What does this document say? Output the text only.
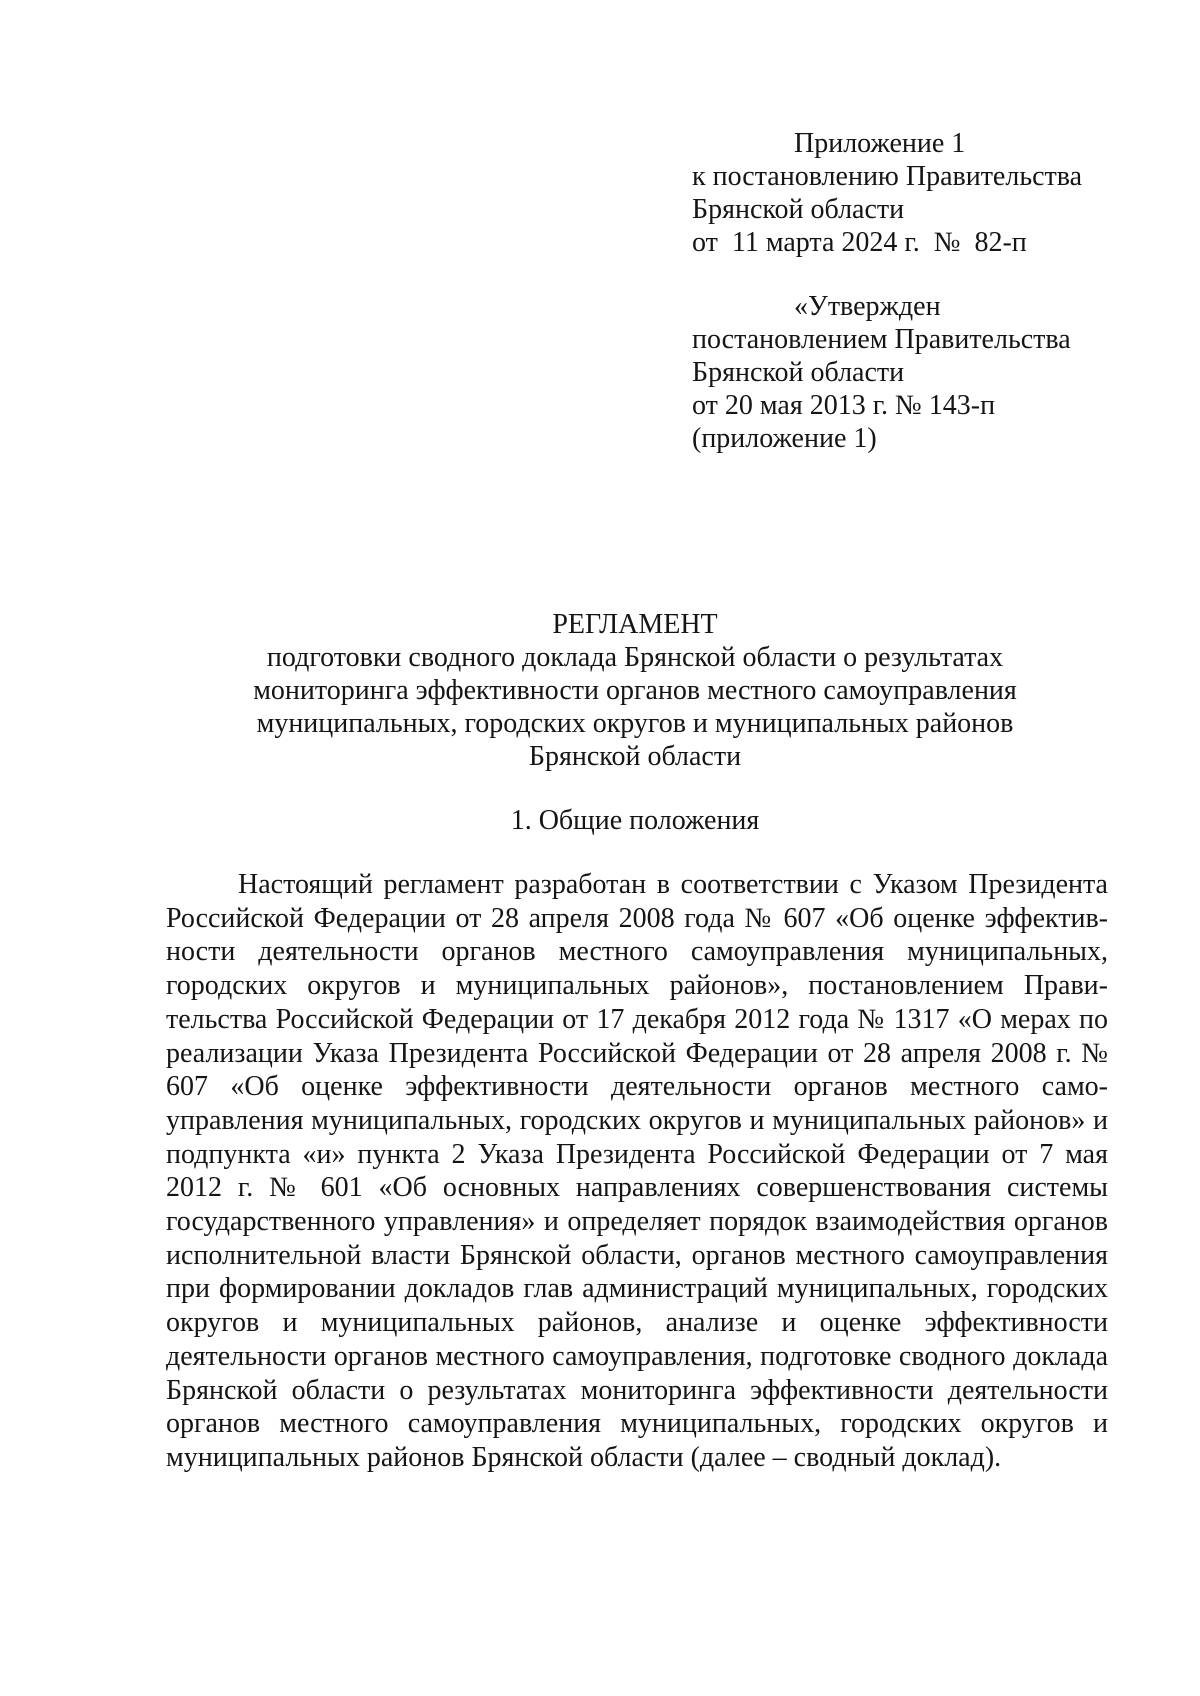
Приложение 1
к постановлению Правительства
Брянской области
от  11 марта 2024 г.  №  82-п
«Утвержден
постановлением Правительства
Брянской области
от 20 мая 2013 г. № 143-п
(приложение 1)
РЕГЛАМЕНТ
подготовки сводного доклада Брянской области о результатах
мониторинга эффективности органов местного самоуправления
муниципальных, городских округов и муниципальных районов
Брянской области
1. Общие положения

Настоящий регламент разработан в соответствии с Указом Президента Российской Федерации от 28 апреля 2008 года № 607 «Об оценке эффективности деятельности органов местного самоуправления муниципальных, городских округов и муниципальных районов», постановлением Правительства Российской Федерации от 17 декабря 2012 года № 1317 «О мерах по реализации Указа Президента Российской Федерации от 28 апреля 2008 г. № 607 «Об оценке эффективности деятельности органов местного самоуправления муниципальных, городских округов и муниципальных районов» и подпункта «и» пункта 2 Указа Президента Российской Федерации от 7 мая 2012 г. № 601 «Об основных направлениях совершенствования системы государственного управления» и определяет порядок взаимодействия органов исполнительной власти Брянской области, органов местного самоуправления при формировании докладов глав администраций муниципальных, городских округов и муниципальных районов, анализе и оценке эффективности деятельности органов местного самоуправления, подготовке сводного доклада Брянской области о результатах мониторинга эффективности деятельности органов местного самоуправления муниципальных, городских округов и муниципальных районов Брянской области (далее – сводный доклад).
